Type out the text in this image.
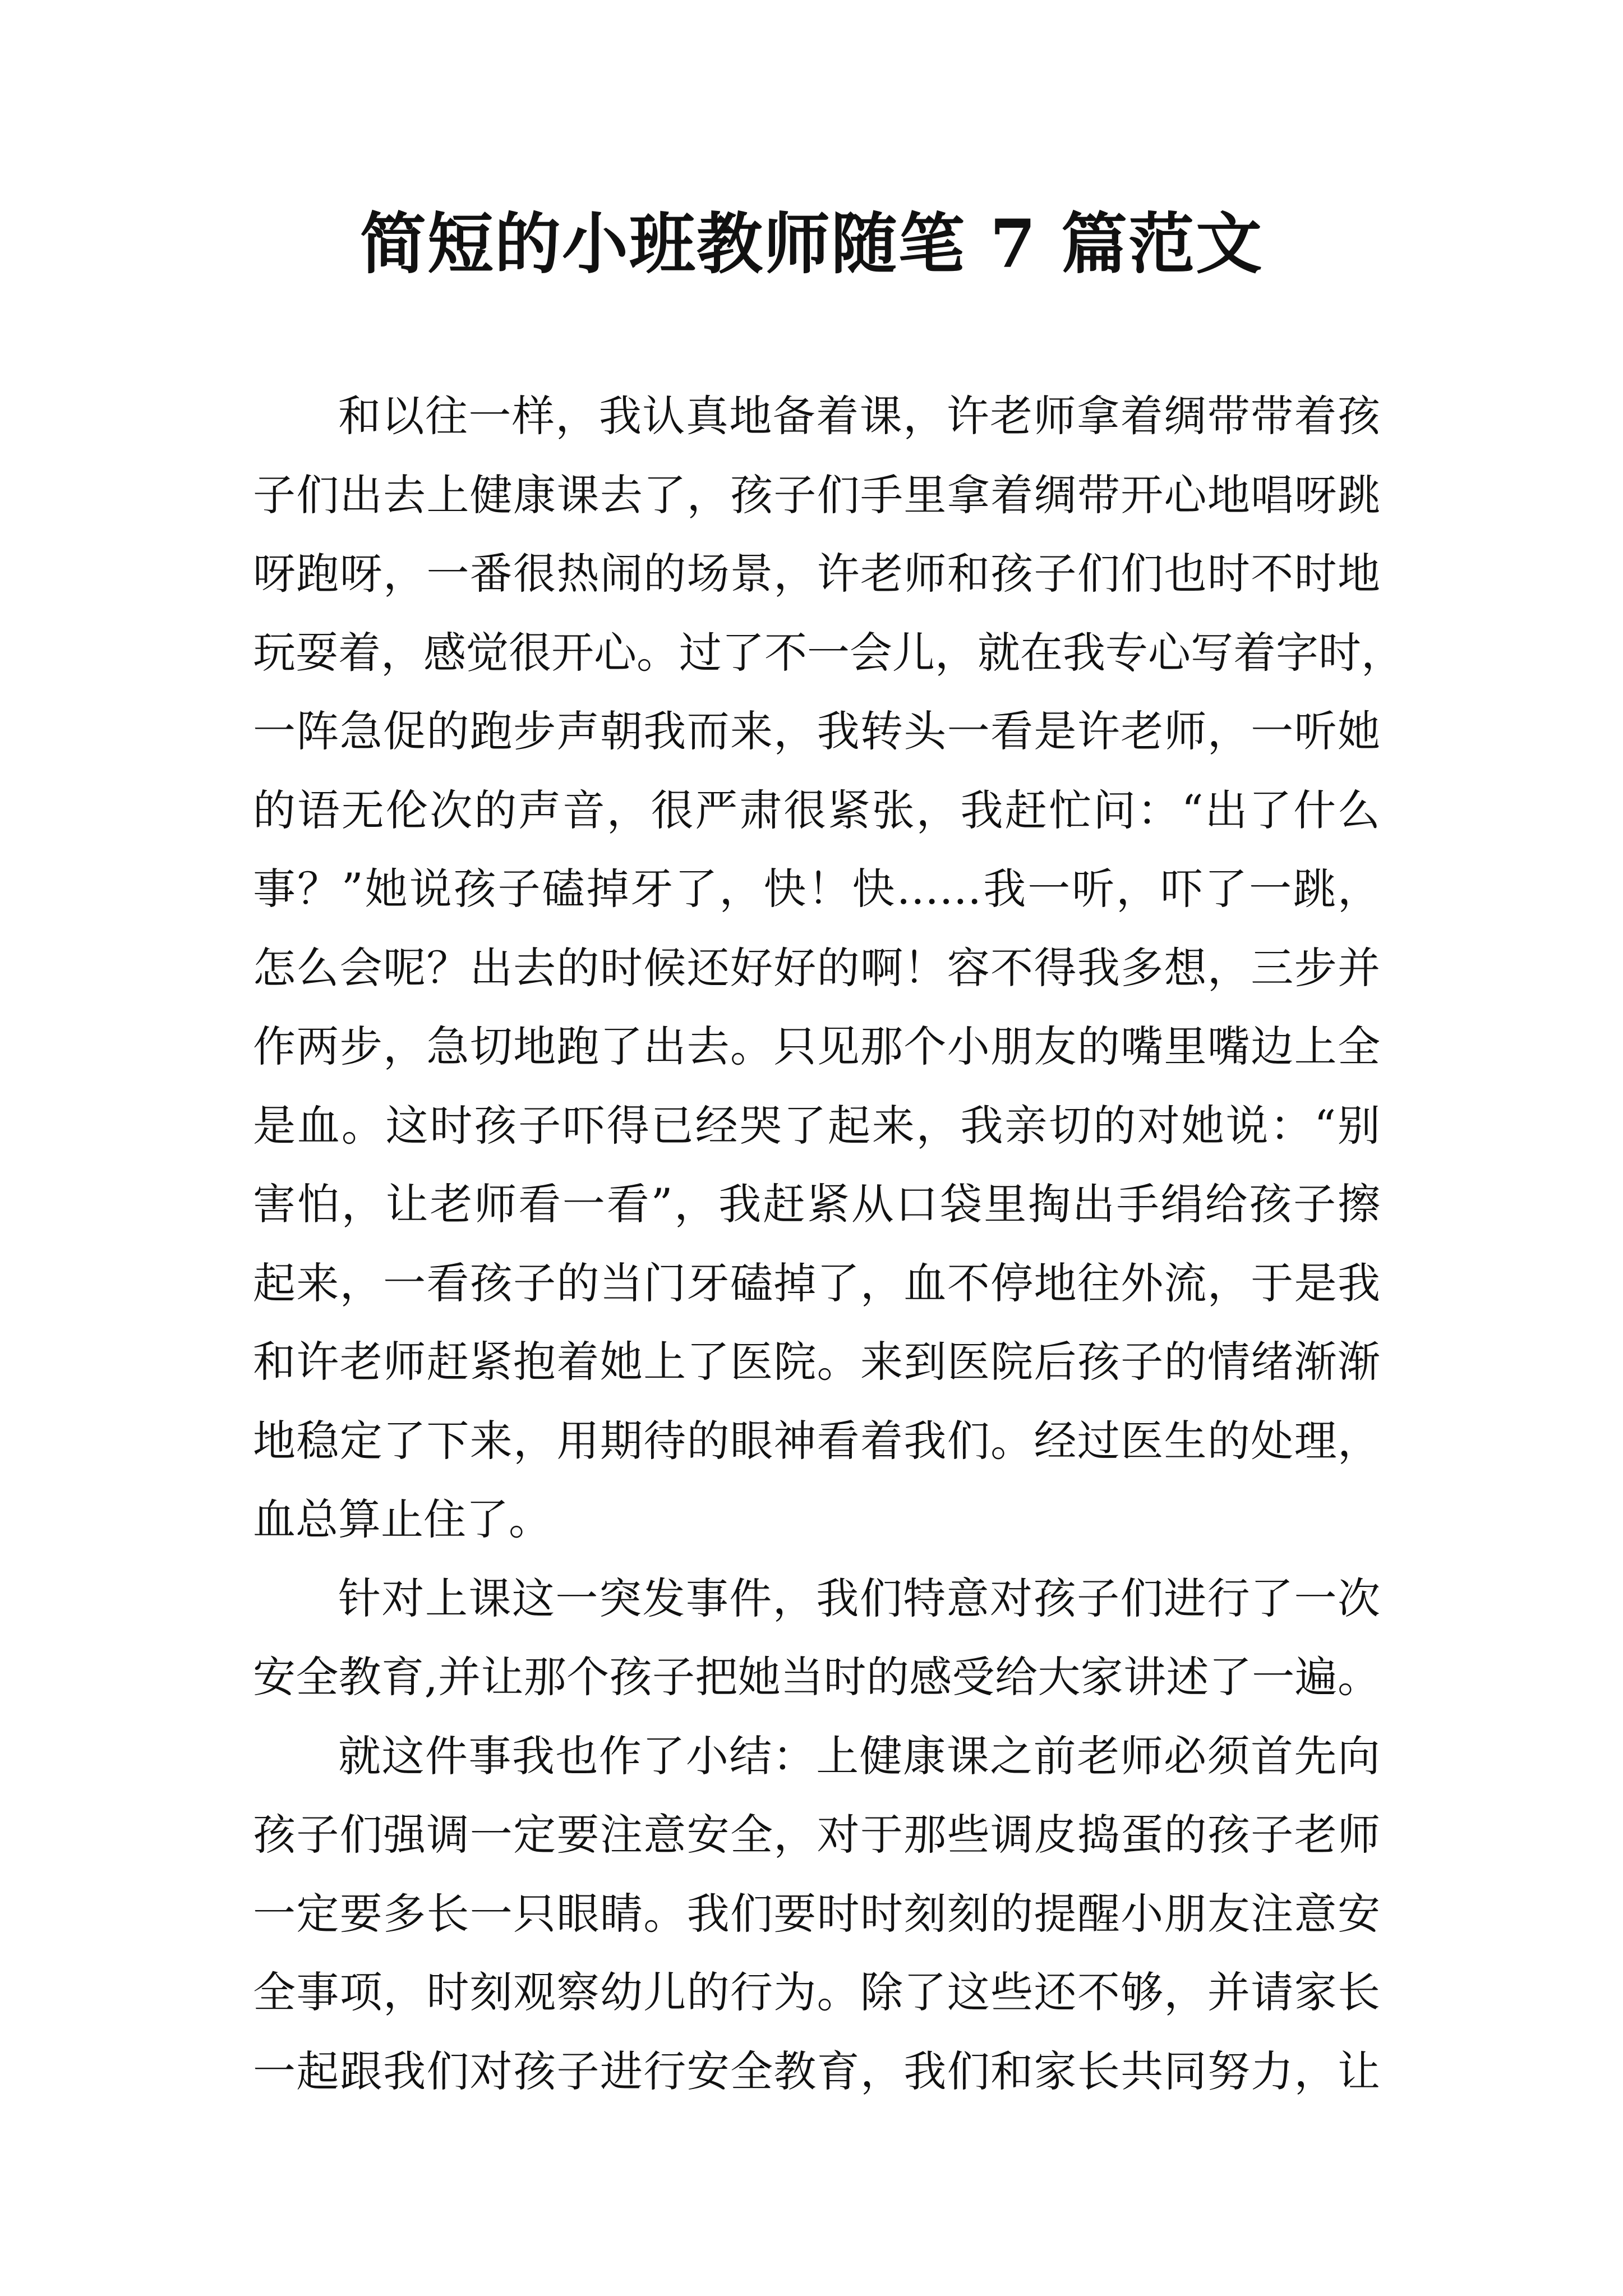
简短的小班教师随笔 7 篇范文
和以往一样，我认真地备着课，许老师拿着绸带带着孩
子们出去上健康课去了，孩子们手里拿着绸带开心地唱呀跳
呀跑呀，一番很热闹的场景，许老师和孩子们们也时不时地
玩耍着，感觉很开心。过了不一会儿，就在我专心写着字时，
一阵急促的跑步声朝我而来，我转头一看是许老师，一听她
的语无伦次的声音，很严肃很紧张，我赶忙问：“出了什么
事？”她说孩子磕掉牙了，快！快……我一听，吓了一跳，
怎么会呢？出去的时候还好好的啊！容不得我多想，三步并
作两步，急切地跑了出去。只见那个小朋友的嘴里嘴边上全
是血。这时孩子吓得已经哭了起来，我亲切的对她说：“别
害怕，让老师看一看”，我赶紧从口袋里掏出手绢给孩子擦
起来，一看孩子的当门牙磕掉了，血不停地往外流，于是我
和许老师赶紧抱着她上了医院。来到医院后孩子的情绪渐渐
地稳定了下来，用期待的眼神看着我们。经过医生的处理，
血总算止住了。
针对上课这一突发事件，我们特意对孩子们进行了一次
安全教育,并让那个孩子把她当时的感受给大家讲述了一遍。
就这件事我也作了小结：上健康课之前老师必须首先向
孩子们强调一定要注意安全，对于那些调皮捣蛋的孩子老师
一定要多长一只眼睛。我们要时时刻刻的提醒小朋友注意安
全事项，时刻观察幼儿的行为。除了这些还不够，并请家长
一起跟我们对孩子进行安全教育，我们和家长共同努力，让
